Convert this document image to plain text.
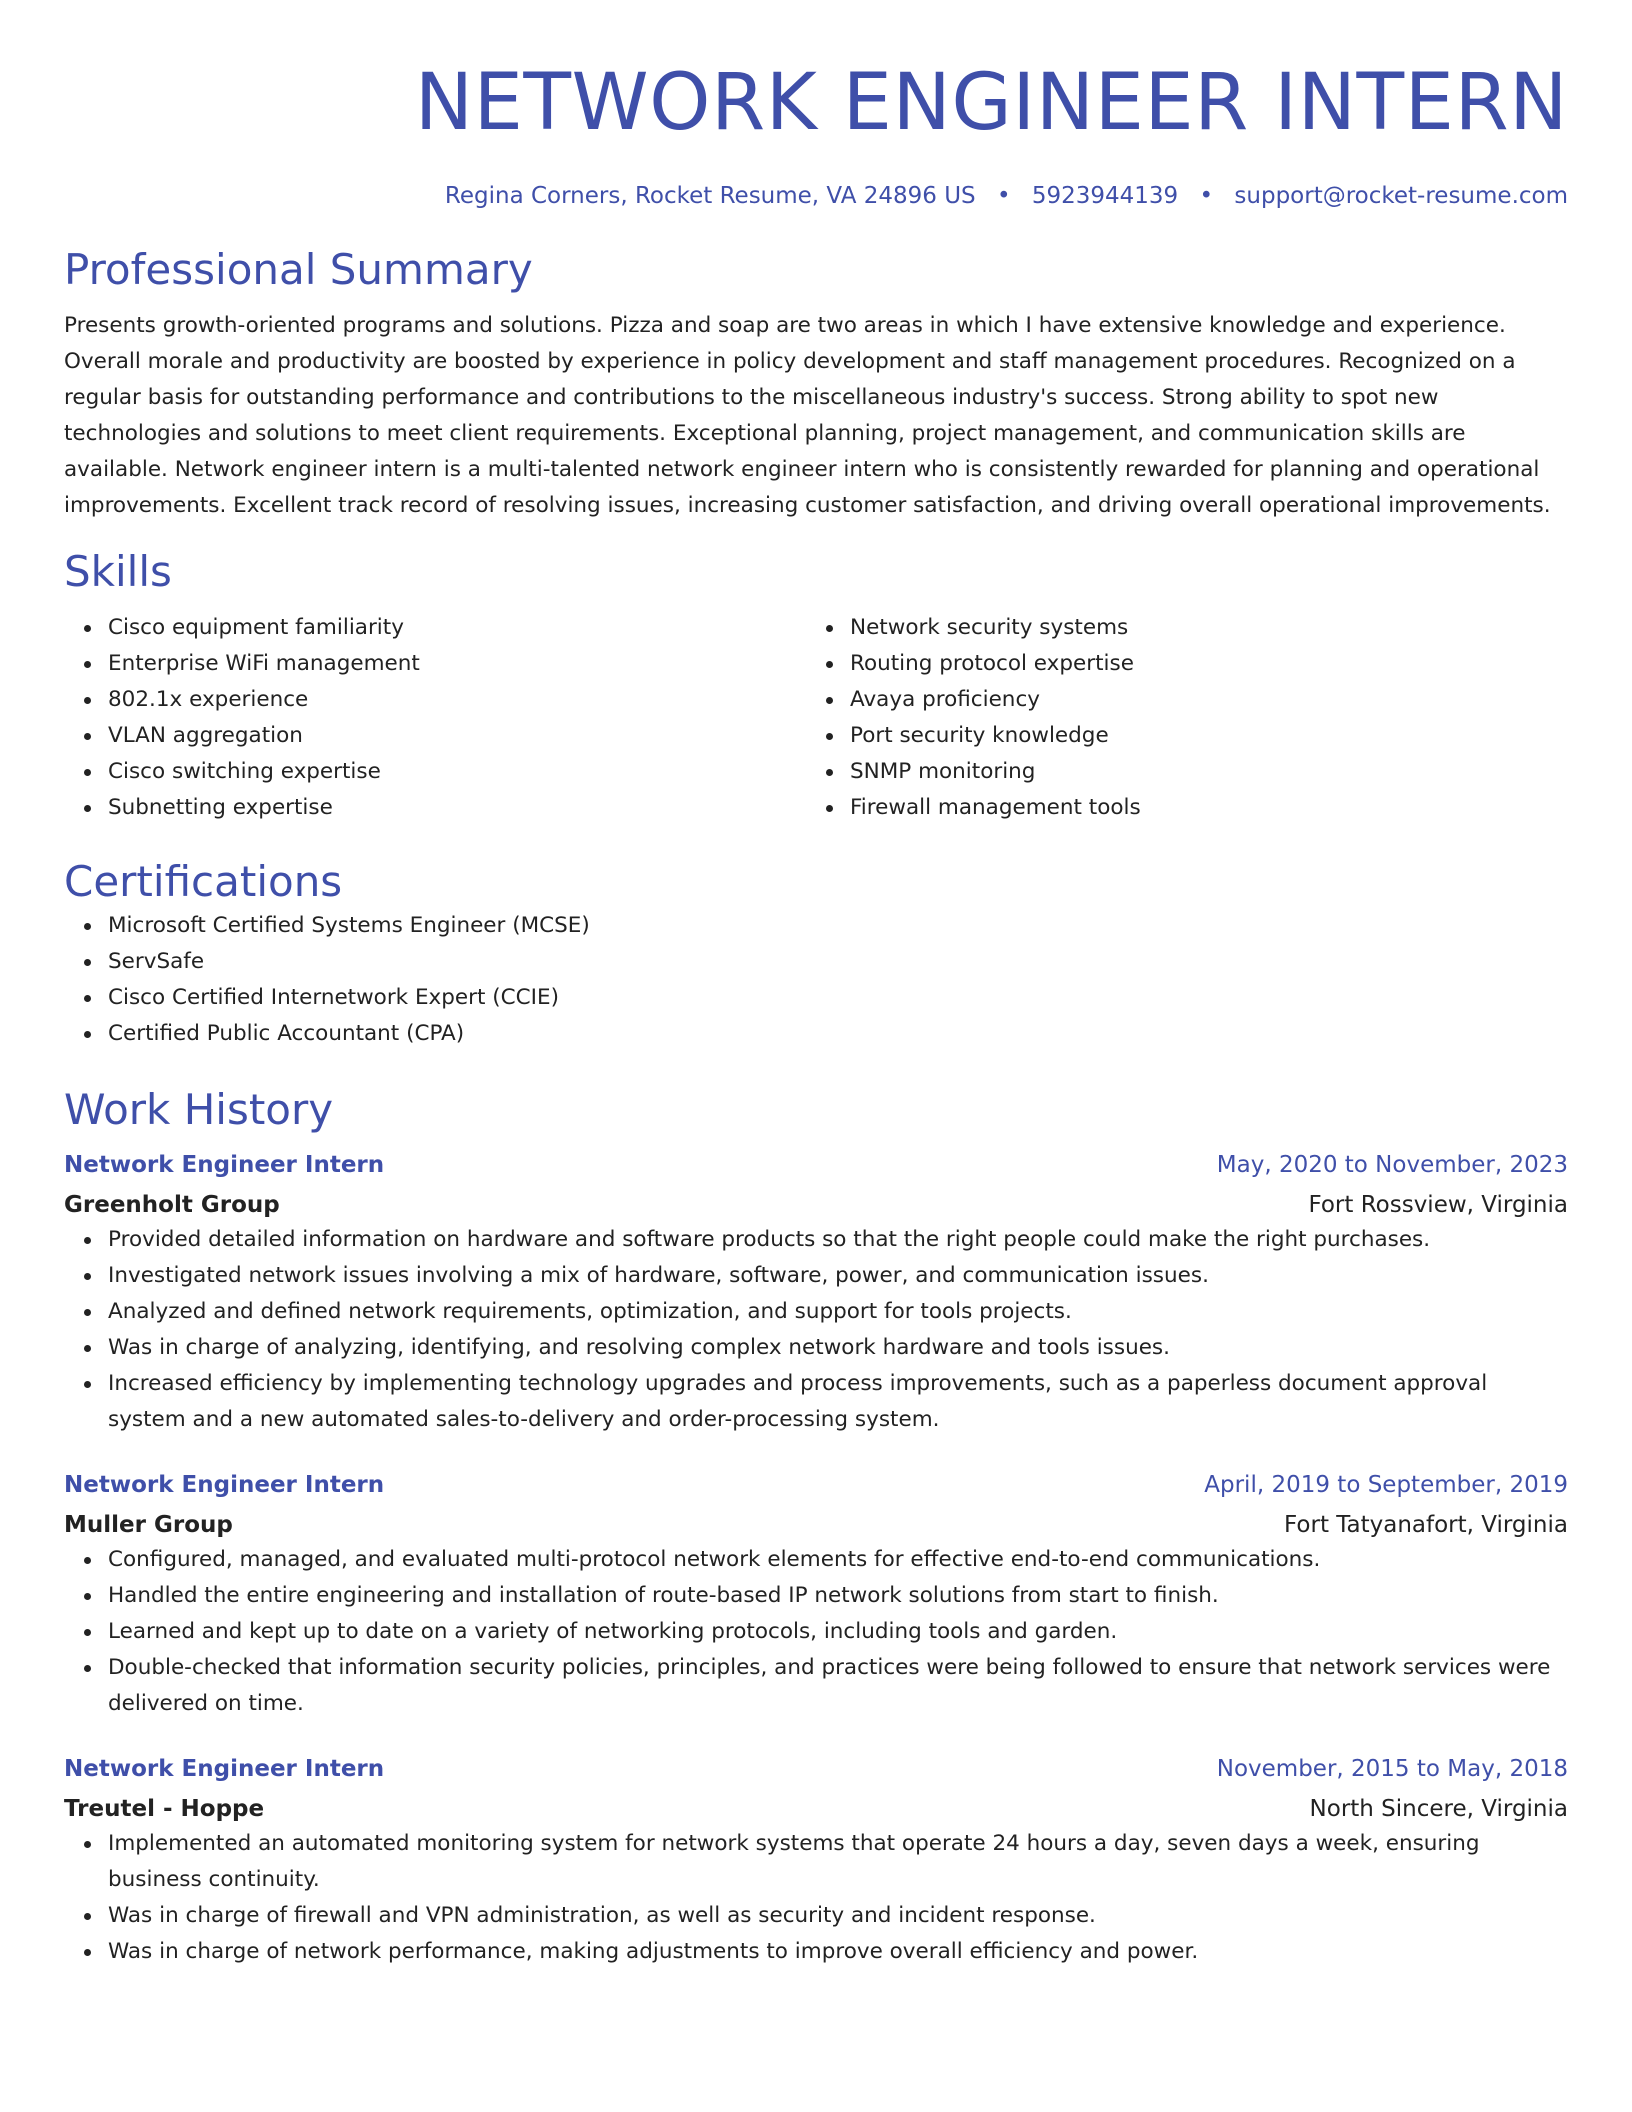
NETWORK ENGINEER INTERN
Regina Corners, Rocket Resume, VA 24896 US • 5923944139 • support@rocket-resume.com
Professional Summary
Presents growth-oriented programs and solutions. Pizza and soap are two areas in which I have extensive knowledge and experience. Overall morale and productivity are boosted by experience in policy development and staff management procedures. Recognized on a regular basis for outstanding performance and contributions to the miscellaneous industry's success. Strong ability to spot new technologies and solutions to meet client requirements. Exceptional planning, project management, and communication skills are available. Network engineer intern is a multi-talented network engineer intern who is consistently rewarded for planning and operational improvements. Excellent track record of resolving issues, increasing customer satisfaction, and driving overall operational improvements.
Skills
Cisco equipment familiarity
Enterprise WiFi management
802.1x experience
VLAN aggregation
Cisco switching expertise
Subnetting expertise
Network security systems
Routing protocol expertise
Avaya proficiency
Port security knowledge
SNMP monitoring
Firewall management tools
Certifications
Microsoft Certified Systems Engineer (MCSE)
ServSafe
Cisco Certified Internetwork Expert (CCIE)
Certified Public Accountant (CPA)
Work History
Network Engineer Intern	May, 2020 to November, 2023
Greenholt Group	Fort Rossview, Virginia
Provided detailed information on hardware and software products so that the right people could make the right purchases.
Investigated network issues involving a mix of hardware, software, power, and communication issues.
Analyzed and defined network requirements, optimization, and support for tools projects.
Was in charge of analyzing, identifying, and resolving complex network hardware and tools issues.
Increased efficiency by implementing technology upgrades and process improvements, such as a paperless document approval system and a new automated sales-to-delivery and order-processing system.
Network Engineer Intern	April, 2019 to September, 2019
Muller Group	Fort Tatyanafort, Virginia
Configured, managed, and evaluated multi-protocol network elements for effective end-to-end communications.
Handled the entire engineering and installation of route-based IP network solutions from start to finish.
Learned and kept up to date on a variety of networking protocols, including tools and garden.
Double-checked that information security policies, principles, and practices were being followed to ensure that network services were delivered on time.
Network Engineer Intern	November, 2015 to May, 2018
Treutel - Hoppe	North Sincere, Virginia
Implemented an automated monitoring system for network systems that operate 24 hours a day, seven days a week, ensuring business continuity.
Was in charge of firewall and VPN administration, as well as security and incident response.
Was in charge of network performance, making adjustments to improve overall efficiency and power.
